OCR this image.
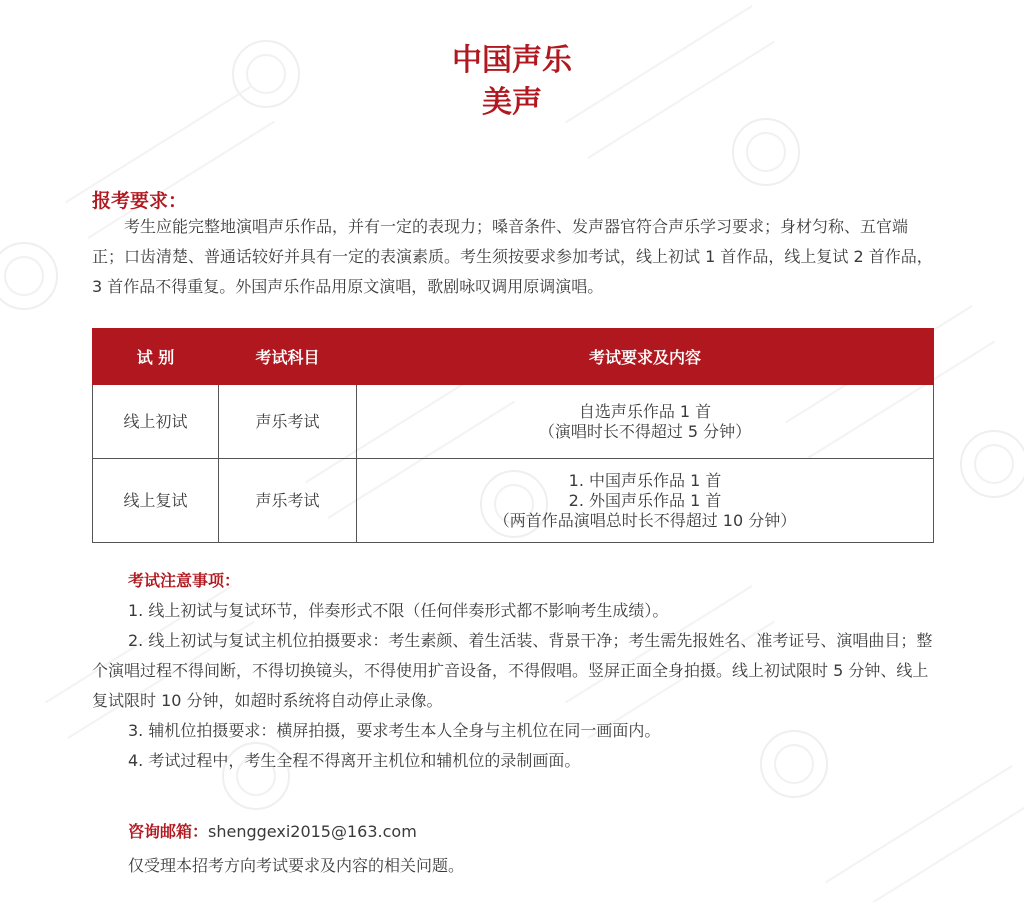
中国声乐
美声
报考要求：
考生应能完整地演唱声乐作品，并有一定的表现力；嗓音条件、发声器官符合声乐学习要求；身材匀称、五官端正；口齿清楚、普通话较好并具有一定的表演素质。考生须按要求参加考试，线上初试 1 首作品，线上复试 2 首作品，3 首作品不得重复。外国声乐作品用原文演唱，歌剧咏叹调用原调演唱。
试 别	考试科目	考试要求及内容
线上初试	声乐考试	自选声乐作品 1 首
（演唱时长不得超过 5 分钟）

线上复试	声乐考试	1. 中国声乐作品 1 首
2. 外国声乐作品 1 首
（两首作品演唱总时长不得超过 10 分钟）
考试注意事项：

1. 线上初试与复试环节，伴奏形式不限（任何伴奏形式都不影响考生成绩）。

2. 线上初试与复试主机位拍摄要求：考生素颜、着生活装、背景干净；考生需先报姓名、准考证号、演唱曲目；整个演唱过程不得间断，不得切换镜头，不得使用扩音设备，不得假唱。竖屏正面全身拍摄。线上初试限时 5 分钟、线上复试限时 10 分钟，如超时系统将自动停止录像。

3. 辅机位拍摄要求：横屏拍摄，要求考生本人全身与主机位在同一画面内。

4. 考试过程中，考生全程不得离开主机位和辅机位的录制画面。

咨询邮箱：shenggexi2015@163.com
仅受理本招考方向考试要求及内容的相关问题。
